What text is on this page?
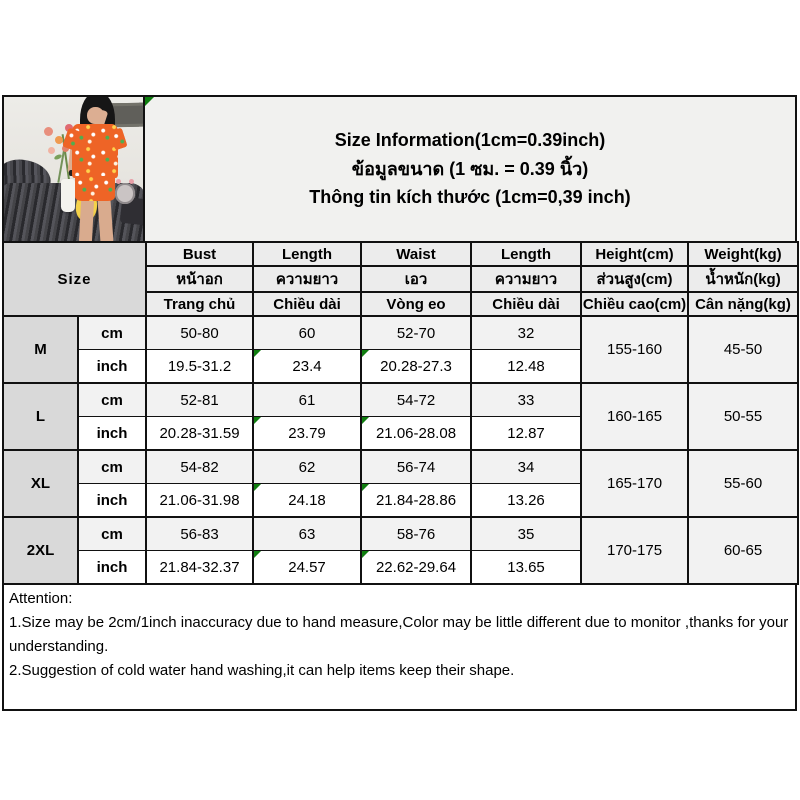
Size Information(1cm=0.39inch)
ข้อมูลขนาด (1 ซม. = 0.39 นิ้ว)
Thông tin kích thước (1cm=0,39 inch)
Size		Bust	Length	Waist	Length	Height(cm)	Weight(kg)
		หน้าอก	ความยาว	เอว	ความยาว	ส่วนสูง(cm)	น้ำหนัก(kg)
		Trang chủ	Chiều dài	Vòng eo	Chiều dài	Chiều cao(cm)	Cân nặng(kg)
M	cm	50-80	60	52-70	32	155-160	45-50
	inch	19.5-31.2	23.4	20.28-27.3	12.48		
L	cm	52-81	61	54-72	33	160-165	50-55
	inch	20.28-31.59	23.79	21.06-28.08	12.87		
XL	cm	54-82	62	56-74	34	165-170	55-60
	inch	21.06-31.98	24.18	21.84-28.86	13.26		
2XL	cm	56-83	63	58-76	35	170-175	60-65
	inch	21.84-32.37	24.57	22.62-29.64	13.65		
Attention:
1.Size may be 2cm/1inch inaccuracy due to hand measure,Color may be little different due to monitor ,thanks for your understanding.
2.Suggestion of cold water hand washing,it can help items keep their shape.
